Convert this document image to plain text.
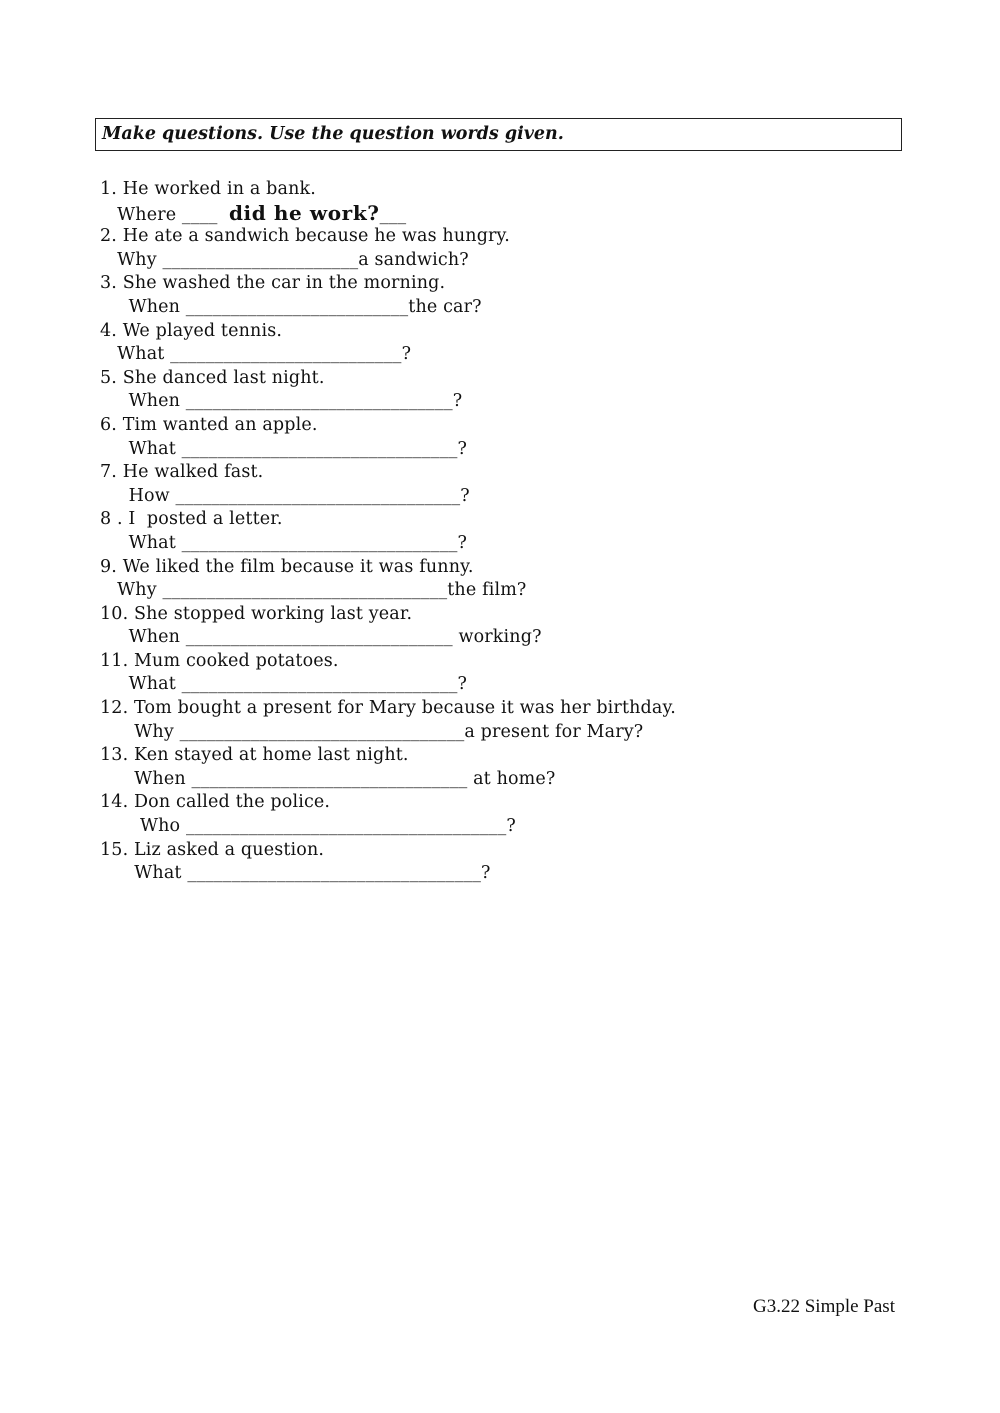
Make questions. Use the question words given.
1. He worked in a bank.
Where ____  did he work?___
2. He ate a sandwich because he was hungry.
Why ______________________a sandwich?
3. She washed the car in the morning.
When _________________________the car?
4. We played tennis.
What __________________________?
5. She danced last night.
When ______________________________?
6. Tim wanted an apple.
What _______________________________?
7. He walked fast.
How ________________________________?
8 . I  posted a letter.
What _______________________________?
9. We liked the film because it was funny.
Why ________________________________the film?
10. She stopped working last year.
When ______________________________ working?
11. Mum cooked potatoes.
What _______________________________?
12. Tom bought a present for Mary because it was her birthday.
Why ________________________________a present for Mary?
13. Ken stayed at home last night.
When _______________________________ at home?
14. Don called the police.
Who ____________________________________?
15. Liz asked a question.
What _________________________________?
G3.22 Simple Past
